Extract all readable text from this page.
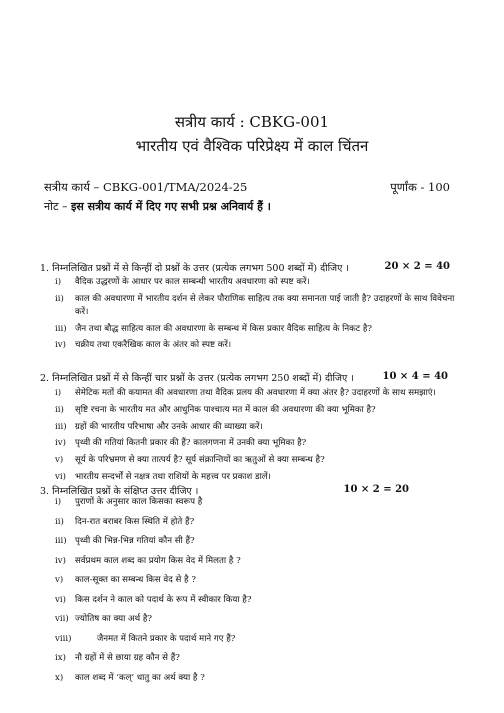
सत्रीय कार्य : CBKG-001
भारतीय एवं वैश्विक परिप्रेक्ष्य में काल चिंतन
सत्रीय कार्य – CBKG-001/TMA/2024-25	पूर्णांक - 100
नोट – इस सत्रीय कार्य में दिए गए सभी प्रश्न अनिवार्य हैं ।
1. निम्नलिखित प्रश्नों में से किन्हीं दो प्रश्नों के उत्तर (प्रत्येक लगभग 500 शब्दों में) दीजिए ।	20 × 2 = 40
i)	वैदिक उद्धरणों के आधार पर काल सम्बन्धी भारतीय अवधारणा को स्पष्ट करें।
ii)	काल की अवधारणा में भारतीय दर्शन से लेकर पौराणिक साहित्य तक क्या समानता पाई जाती है? उदाहरणों के साथ विवेचना करें।
iii) जैन तथा बौद्ध साहित्य काल की अवधारणा के सम्बन्ध में किस प्रकार वैदिक साहित्य के निकट है?
iv)	चक्रीय तथा एकरैखिक काल के अंतर को स्पष्ट करें।
2. निम्नलिखित प्रश्नों में से किन्हीं चार प्रश्नों के उत्तर (प्रत्येक लगभग 250 शब्दों में) दीजिए ।	10 × 4 = 40
i)	सेमेटिक मतों की कयामत की अवधारणा तथा वैदिक प्रलय की अवधारणा में क्या अंतर है? उदाहरणों के साथ समझाएं।
ii)	सृष्टि रचना के भारतीय मत और आधुनिक पाश्चात्य मत में काल की अवधारणा की क्या भूमिका है?
iii) ग्रहों की भारतीय परिभाषा और उनके आधार की व्याख्या करें।
iv)	पृथ्वी की गतियां कितनी प्रकार की हैं? कालगणना में उनकी क्या भूमिका है?
v)	सूर्य के परिभ्रमण से क्या तात्पर्य है? सूर्य संक्रान्तियों का ऋतुओं से क्या सम्बन्ध है?
vi)	भारतीय सन्दर्भों से नक्षत्र तथा राशियों के महत्त्व पर प्रकाश डालें।
3. निम्नलिखित प्रश्नों के संक्षिप्त उत्तर दीजिए ।	10 × 2 = 20
i)	पुराणों के अनुसार काल किसका स्वरूप है
ii)	दिन-रात बराबर किस स्थिति में होते हैं?
iii) पृथ्वी की भिन्न-भिन्न गतियां कौन सी हैं?
iv)	सर्वप्रथम काल शब्द का प्रयोग किस वेद में मिलता है ?
v)	काल-सूक्त का सम्बन्ध किस वेद से है ?
vi)	किस दर्शन ने काल को पदार्थ के रूप में स्वीकार किया है?
vii) ज्योतिष का क्या अर्थ है?
viii) जैनमत में कितने प्रकार के पदार्थ माने गए हैं?
ix)	नौ ग्रहों में से छाया ग्रह कौन से हैं?
x)	काल शब्द में ‘कल्’ धातु का अर्थ क्या है ?
